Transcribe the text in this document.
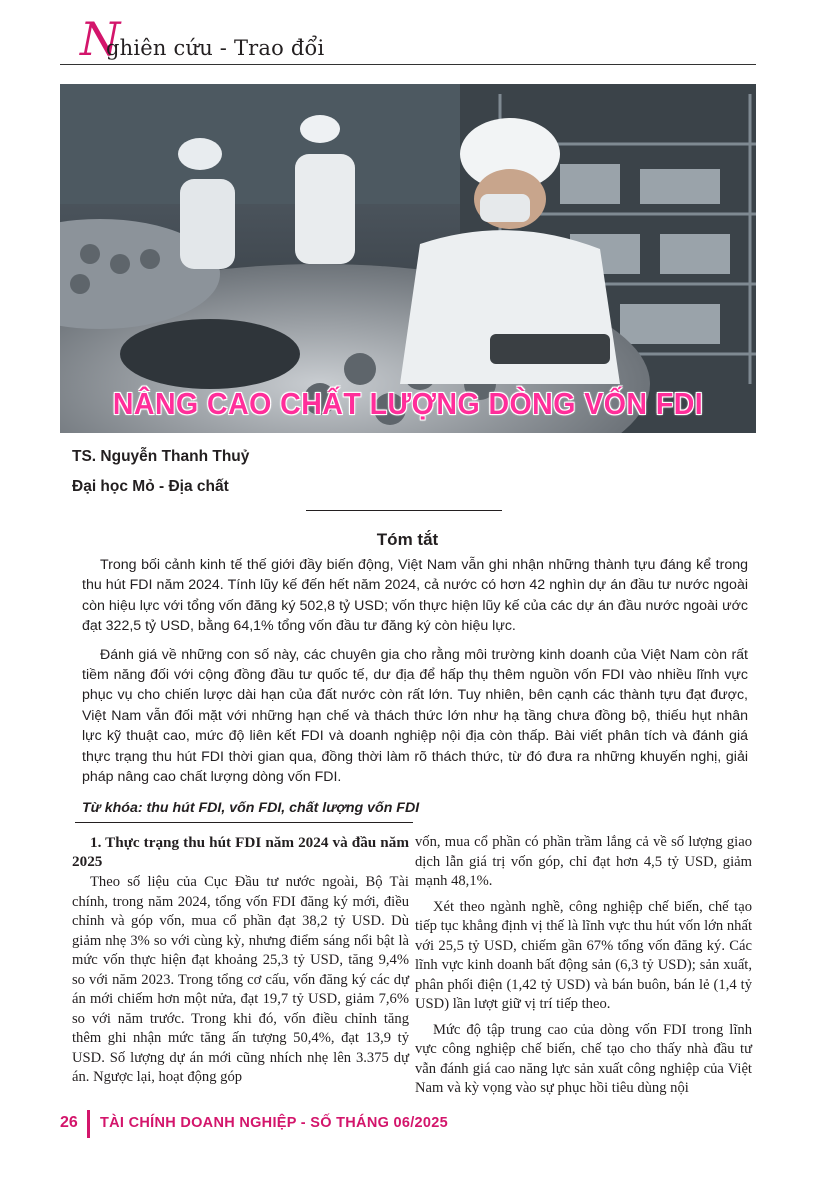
N
ghiên cứu - Trao đổi
NÂNG CAO CHẤT LƯỢNG DÒNG VỐN FDI
TS. Nguyễn Thanh Thuỷ
Đại học Mỏ - Địa chất
Tóm tắt

Trong bối cảnh kinh tế thế giới đầy biến động, Việt Nam vẫn ghi nhận những thành tựu đáng kể trong thu hút FDI năm 2024. Tính lũy kế đến hết năm 2024, cả nước có hơn 42 nghìn dự án đầu tư nước ngoài còn hiệu lực với tổng vốn đăng ký 502,8 tỷ USD; vốn thực hiện lũy kế của các dự án đầu nước ngoài ước đạt 322,5 tỷ USD, bằng 64,1% tổng vốn đầu tư đăng ký còn hiệu lực.

Đánh giá về những con số này, các chuyên gia cho rằng môi trường kinh doanh của Việt Nam còn rất tiềm năng đối với cộng đồng đầu tư quốc tế, dư địa để hấp thụ thêm nguồn vốn FDI vào nhiều lĩnh vực phục vụ cho chiến lược dài hạn của đất nước còn rất lớn. Tuy nhiên, bên cạnh các thành tựu đạt được, Việt Nam vẫn đối mặt với những hạn chế và thách thức lớn như hạ tầng chưa đồng bộ, thiếu hụt nhân lực kỹ thuật cao, mức độ liên kết FDI và doanh nghiệp nội địa còn thấp. Bài viết phân tích và đánh giá thực trạng thu hút FDI thời gian qua, đồng thời làm rõ thách thức, từ đó đưa ra những khuyến nghị, giải pháp nâng cao chất lượng dòng vốn FDI.

Từ khóa: thu hút FDI, vốn FDI, chất lượng vốn FDI
1. Thực trạng thu hút FDI năm 2024 và đầu năm 2025

Theo số liệu của Cục Đầu tư nước ngoài, Bộ Tài chính, trong năm 2024, tổng vốn FDI đăng ký mới, điều chỉnh và góp vốn, mua cổ phần đạt 38,2 tỷ USD. Dù giảm nhẹ 3% so với cùng kỳ, nhưng điểm sáng nổi bật là mức vốn thực hiện đạt khoảng 25,3 tỷ USD, tăng 9,4% so với năm 2023. Trong tổng cơ cấu, vốn đăng ký các dự án mới chiếm hơn một nửa, đạt 19,7 tỷ USD, giảm 7,6% so với năm trước. Trong khi đó, vốn điều chỉnh tăng thêm ghi nhận mức tăng ấn tượng 50,4%, đạt 13,9 tỷ USD. Số lượng dự án mới cũng nhích nhẹ lên 3.375 dự án. Ngược lại, hoạt động góp

vốn, mua cổ phần có phần trầm lắng cả về số lượng giao dịch lẫn giá trị vốn góp, chỉ đạt hơn 4,5 tỷ USD, giảm mạnh 48,1%.

Xét theo ngành nghề, công nghiệp chế biến, chế tạo tiếp tục khẳng định vị thế là lĩnh vực thu hút vốn lớn nhất với 25,5 tỷ USD, chiếm gần 67% tổng vốn đăng ký. Các lĩnh vực kinh doanh bất động sản (6,3 tỷ USD); sản xuất, phân phối điện (1,42 tỷ USD) và bán buôn, bán lẻ (1,4 tỷ USD) lần lượt giữ vị trí tiếp theo.

Mức độ tập trung cao của dòng vốn FDI trong lĩnh vực công nghiệp chế biến, chế tạo cho thấy nhà đầu tư vẫn đánh giá cao năng lực sản xuất công nghiệp của Việt Nam và kỳ vọng vào sự phục hồi tiêu dùng nội

26 TÀI CHÍNH DOANH NGHIỆP - SỐ THÁNG 06/2025
